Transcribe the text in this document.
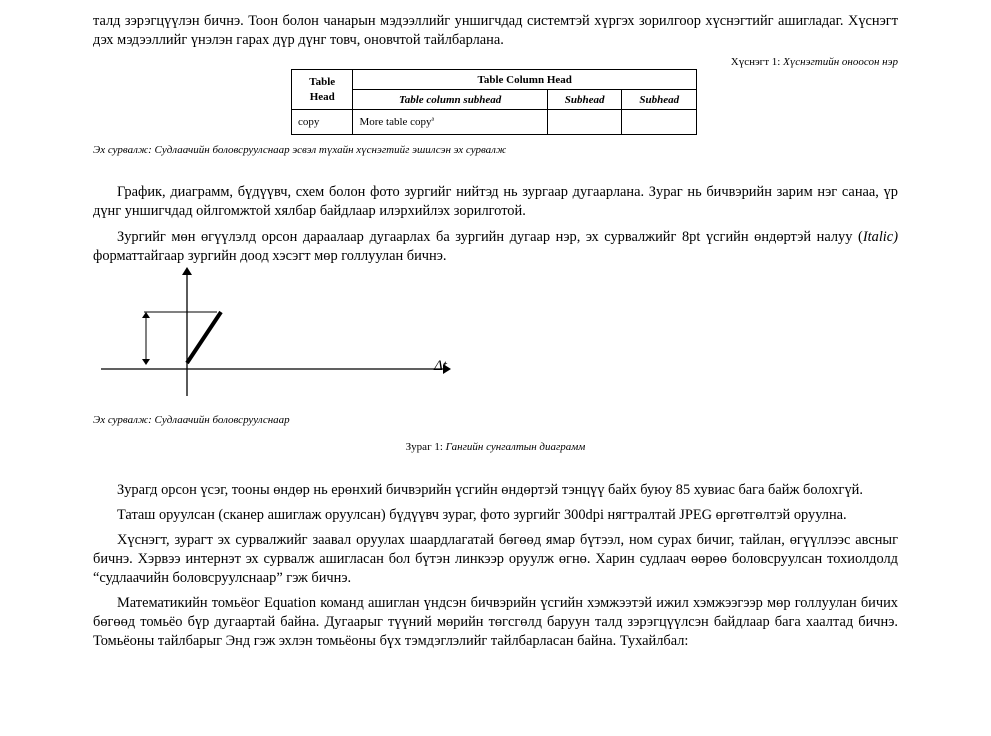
талд зэрэгцүүлэн бичнэ. Тоон болон чанарын мэдээллийг уншигчдад системтэй хүргэх зорилгоор хүснэгтийг ашигладаг. Хүснэгт дэх мэдээллийг үнэлэн гарах дүр дүнг товч, оновчтой тайлбарлана.

Хүснэгт 1: Хүснэгтийн оноосон нэр

Table Head	Table Column Head		
	Table column subhead	Subhead	Subhead
copy	More table copy$^a$		

Эх сурвалж: Судлаачийн боловсруулснаар эсвэл түхайн хүснэгтийг эшилсэн эх сурвалж

График, диаграмм, бүдүүвч, схем болон фото зургийг нийтэд нь зургаар дугаарлана. Зураг нь бичвэрийн зарим нэг санаа, үр дүнг уншигчдад ойлгомжтой хялбар байдлаар илэрхийлэх зорилготой.

Зургийг мөн өгүүлэлд орсон дараалаар дугаарлах ба зургийн дугаар нэр, эх сурвалжийг 8pt үсгийн өндөртэй налуу (Italic) форматтайгаар зургийн доод хэсэгт мөр голлуулан бичнэ.

Δt

Эх сурвалж: Судлаачийн боловсруулснаар

Зураг 1: Гангийн сунгалтын диаграмм

Зурагд орсон үсэг, тооны өндөр нь ерөнхий бичвэрийн үсгийн өндөртэй тэнцүү байх буюу 85 хувиас бага байж болохгүй.

Таташ оруулсан (сканер ашиглаж оруулсан) бүдүүвч зураг, фото зургийг 300dpi нягтралтай JPEG өргөтгөлтэй оруулна.

Хүснэгт, зурагт эх сурвалжийг заавал оруулах шаардлагатай бөгөөд ямар бүтээл, ном сурах бичиг, тайлан, өгүүллээс авсныг бичнэ. Хэрвээ интернэт эх сурвалж ашигласан бол бүтэн линкээр оруулж өгнө. Харин судлаач өөрөө боловсруулсан тохиолдолд “судлаачийн боловсруулснаар” гэж бичнэ.

Математикийн томьёог Equation команд ашиглан үндсэн бичвэрийн үсгийн хэмжээтэй ижил хэмжээгээр мөр голлуулан бичих бөгөөд томьёо бүр дугаартай байна. Дугаарыг түүний мөрийн төгсгөлд баруун талд зэрэгцүүлсэн байдлаар бага хаалтад бичнэ. Томьёоны тайлбарыг Энд гэж эхлэн томьёоны бүх тэмдэглэлийг тайлбарласан байна. Тухайлбал:
